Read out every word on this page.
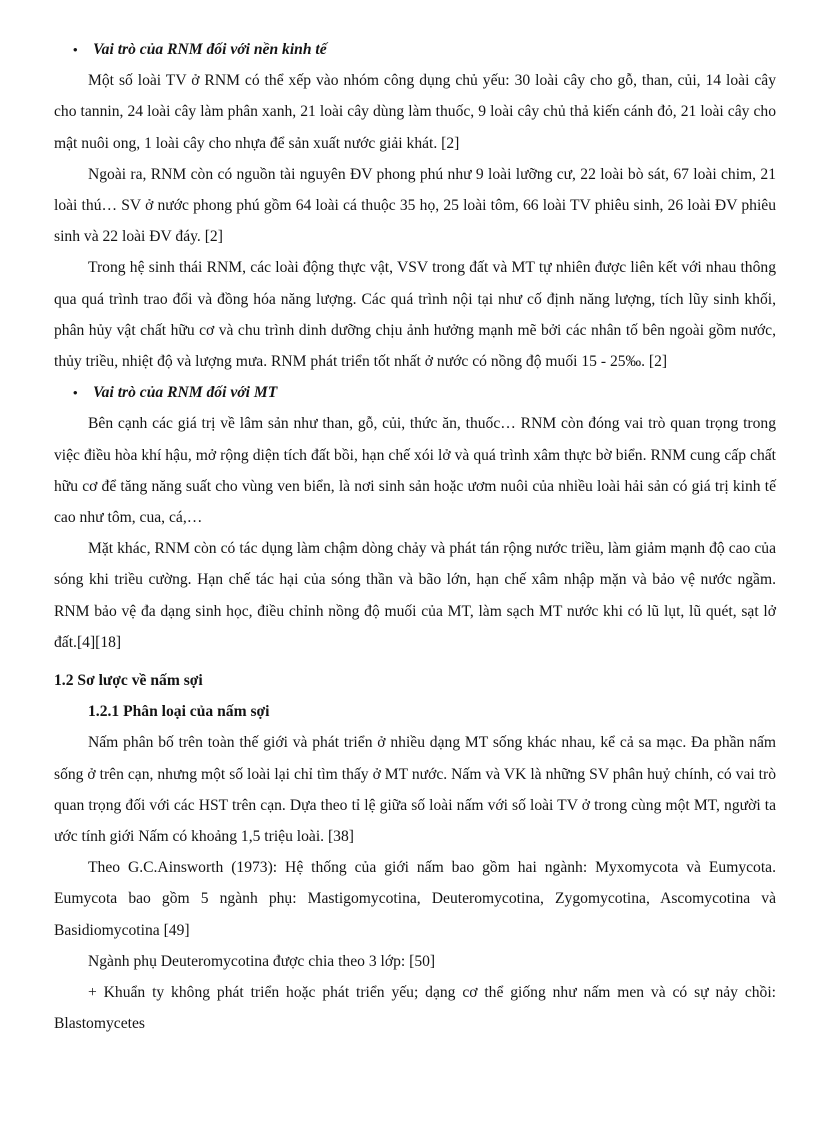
• Vai trò của RNM đối với nền kinh tế

Một số loài TV ở RNM có thể xếp vào nhóm công dụng chủ yếu: 30 loài cây cho gỗ, than, củi, 14 loài cây cho tannin, 24 loài cây làm phân xanh, 21 loài cây dùng làm thuốc, 9 loài cây chủ thả kiến cánh đỏ, 21 loài cây cho mật nuôi ong, 1 loài cây cho nhựa để sản xuất nước giải khát. [2]

Ngoài ra, RNM còn có nguồn tài nguyên ĐV phong phú như 9 loài lưỡng cư, 22 loài bò sát, 67 loài chim, 21 loài thú… SV ở nước phong phú gồm 64 loài cá thuộc 35 họ, 25 loài tôm, 66 loài TV phiêu sinh, 26 loài ĐV phiêu sinh và 22 loài ĐV đáy. [2]

Trong hệ sinh thái RNM, các loài động thực vật, VSV trong đất và MT tự nhiên được liên kết với nhau thông qua quá trình trao đổi và đồng hóa năng lượng. Các quá trình nội tại như cố định năng lượng, tích lũy sinh khối, phân hủy vật chất hữu cơ và chu trình dinh dưỡng chịu ảnh hưởng mạnh mẽ bởi các nhân tố bên ngoài gồm nước, thủy triều, nhiệt độ và lượng mưa. RNM phát triển tốt nhất ở nước có nồng độ muối 15 - 25‰. [2]

• Vai trò của RNM đối với MT

Bên cạnh các giá trị về lâm sản như than, gỗ, củi, thức ăn, thuốc… RNM còn đóng vai trò quan trọng trong việc điều hòa khí hậu, mở rộng diện tích đất bồi, hạn chế xói lở và quá trình xâm thực bờ biển. RNM cung cấp chất hữu cơ để tăng năng suất cho vùng ven biển, là nơi sinh sản hoặc ươm nuôi của nhiều loài hải sản có giá trị kinh tế cao như tôm, cua, cá,…

Mặt khác, RNM còn có tác dụng làm chậm dòng chảy và phát tán rộng nước triều, làm giảm mạnh độ cao của sóng khi triều cường. Hạn chế tác hại của sóng thần và bão lớn, hạn chế xâm nhập mặn và bảo vệ nước ngầm. RNM bảo vệ đa dạng sinh học, điều chỉnh nồng độ muối của MT, làm sạch MT nước khi có lũ lụt, lũ quét, sạt lở đất.[4][18]

1.2 Sơ lược về nấm sợi

1.2.1 Phân loại của nấm sợi

Nấm phân bố trên toàn thế giới và phát triển ở nhiều dạng MT sống khác nhau, kể cả sa mạc. Đa phần nấm sống ở trên cạn, nhưng một số loài lại chỉ tìm thấy ở MT nước. Nấm và VK là những SV phân huỷ chính, có vai trò quan trọng đối với các HST trên cạn. Dựa theo tỉ lệ giữa số loài nấm với số loài TV ở trong cùng một MT, người ta ước tính giới Nấm có khoảng 1,5 triệu loài. [38]

Theo G.C.Ainsworth (1973): Hệ thống của giới nấm bao gồm hai ngành: Myxomycota và Eumycota. Eumycota bao gồm 5 ngành phụ: Mastigomycotina, Deuteromycotina, Zygomycotina, Ascomycotina và Basidiomycotina [49]

Ngành phụ Deuteromycotina được chia theo 3 lớp: [50]

+ Khuẩn ty không phát triển hoặc phát triển yếu; dạng cơ thể giống như nấm men và có sự nảy chồi: Blastomycetes
